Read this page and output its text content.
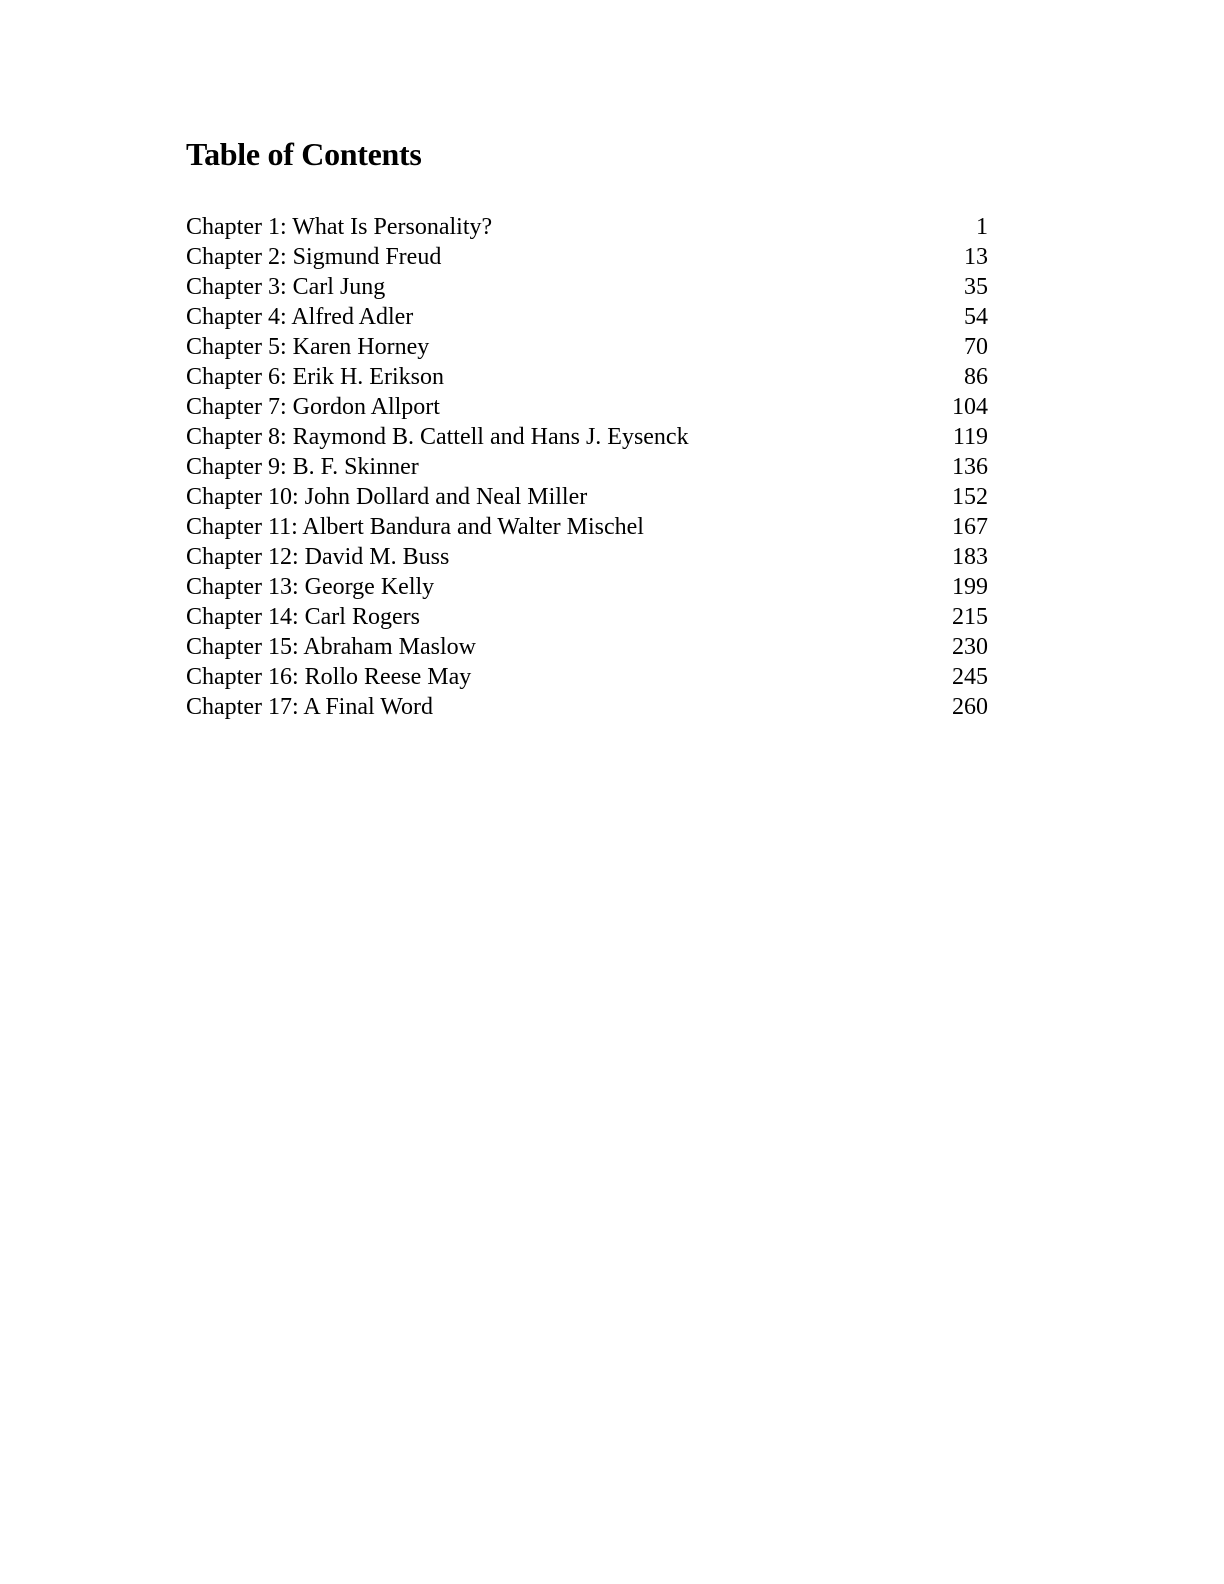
Table of Contents
Chapter 1: What Is Personality?	1
Chapter 2: Sigmund Freud	13
Chapter 3: Carl Jung	35
Chapter 4: Alfred Adler	54
Chapter 5: Karen Horney	70
Chapter 6: Erik H. Erikson	86
Chapter 7: Gordon Allport	104
Chapter 8: Raymond B. Cattell and Hans J. Eysenck	119
Chapter 9: B. F. Skinner	136
Chapter 10: John Dollard and Neal Miller	152
Chapter 11: Albert Bandura and Walter Mischel	167
Chapter 12: David M. Buss	183
Chapter 13: George Kelly	199
Chapter 14: Carl Rogers	215
Chapter 15: Abraham Maslow	230
Chapter 16: Rollo Reese May	245
Chapter 17: A Final Word	260
